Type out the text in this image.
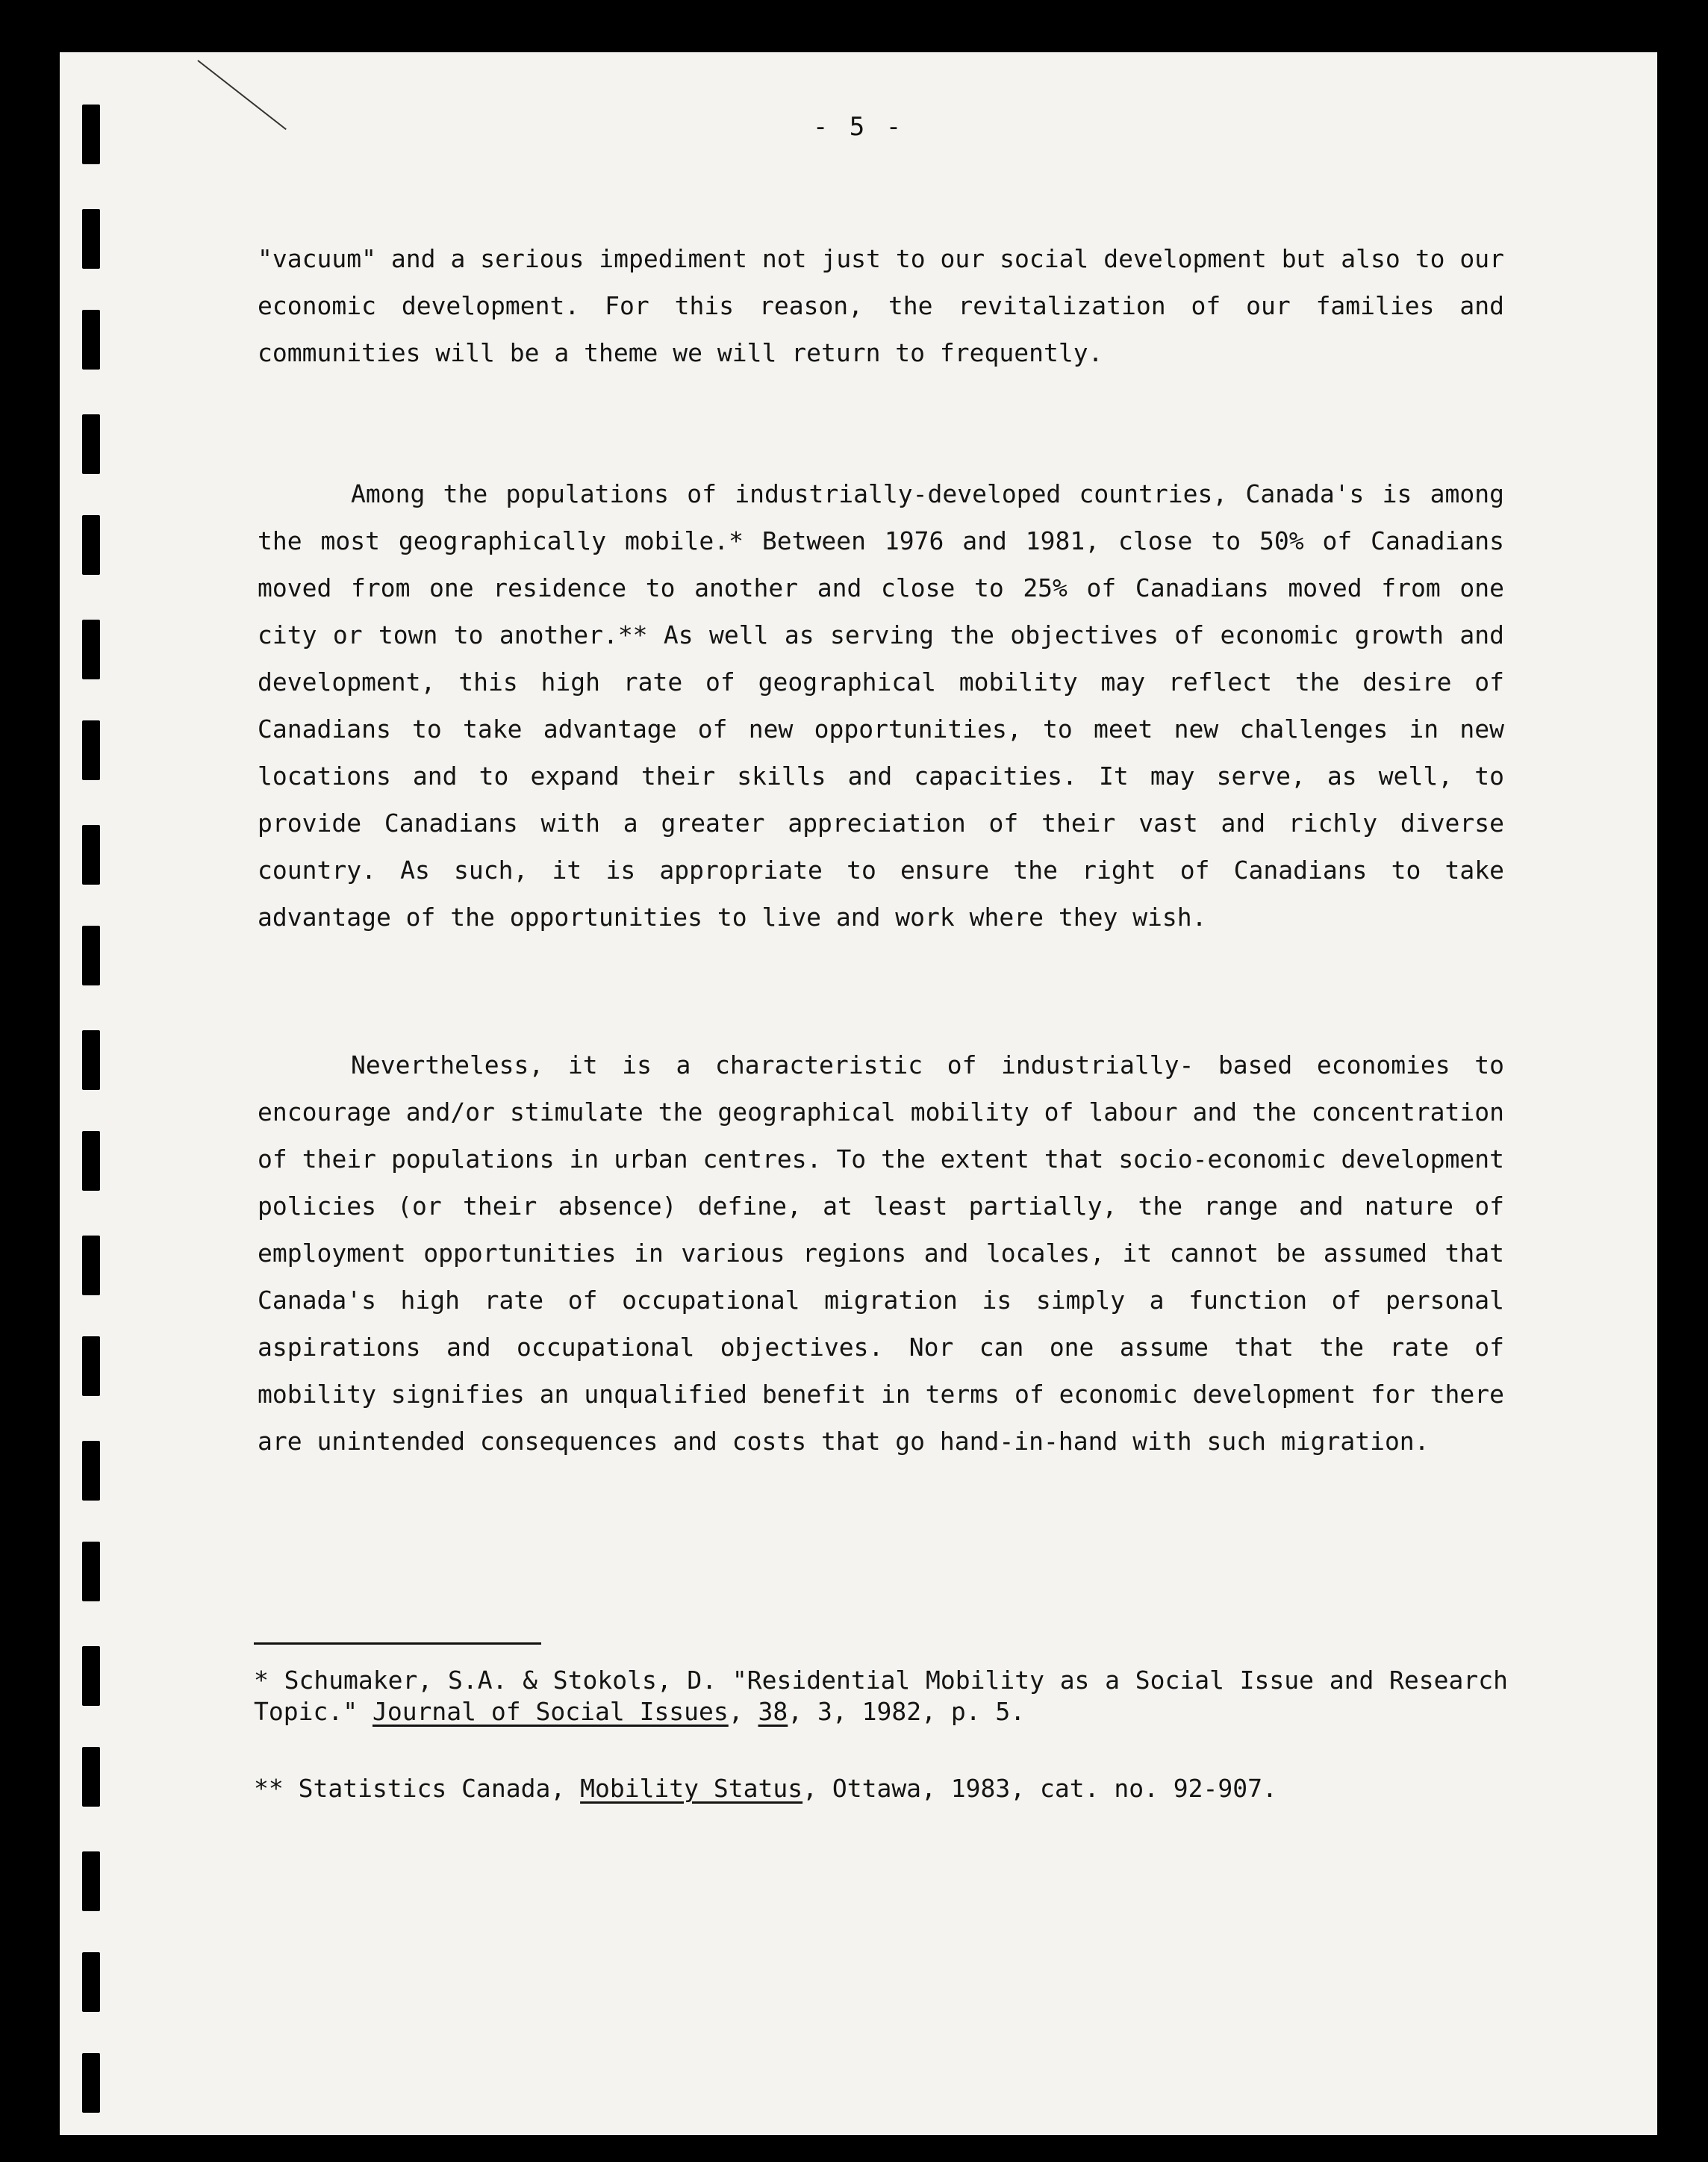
- 5 -

"vacuum" and a serious impediment not just to our social development but also to our economic development. For this reason, the revitalization of our families and communities will be a theme we will return to frequently.

Among the populations of industrially-developed countries, Canada's is among the most geographically mobile.* Between 1976 and 1981, close to 50% of Canadians moved from one residence to another and close to 25% of Canadians moved from one city or town to another.** As well as serving the objectives of economic growth and development, this high rate of geographical mobility may reflect the desire of Canadians to take advantage of new opportunities, to meet new challenges in new locations and to expand their skills and capacities. It may serve, as well, to provide Canadians with a greater appreciation of their vast and richly diverse country. As such, it is appropriate to ensure the right of Canadians to take advantage of the opportunities to live and work where they wish.

Nevertheless, it is a characteristic of industrially- based economies to encourage and/or stimulate the geographical mobility of labour and the concentration of their populations in urban centres. To the extent that socio-economic development policies (or their absence) define, at least partially, the range and nature of employment opportunities in various regions and locales, it cannot be assumed that Canada's high rate of occupational migration is simply a function of personal aspirations and occupational objectives. Nor can one assume that the rate of mobility signifies an unqualified benefit in terms of economic development for there are unintended consequences and costs that go hand-in-hand with such migration.

* Schumaker, S.A. & Stokols, D. "Residential Mobility as a Social Issue and Research Topic." Journal of Social Issues, 38, 3, 1982, p. 5.

** Statistics Canada, Mobility Status, Ottawa, 1983, cat. no. 92-907.
